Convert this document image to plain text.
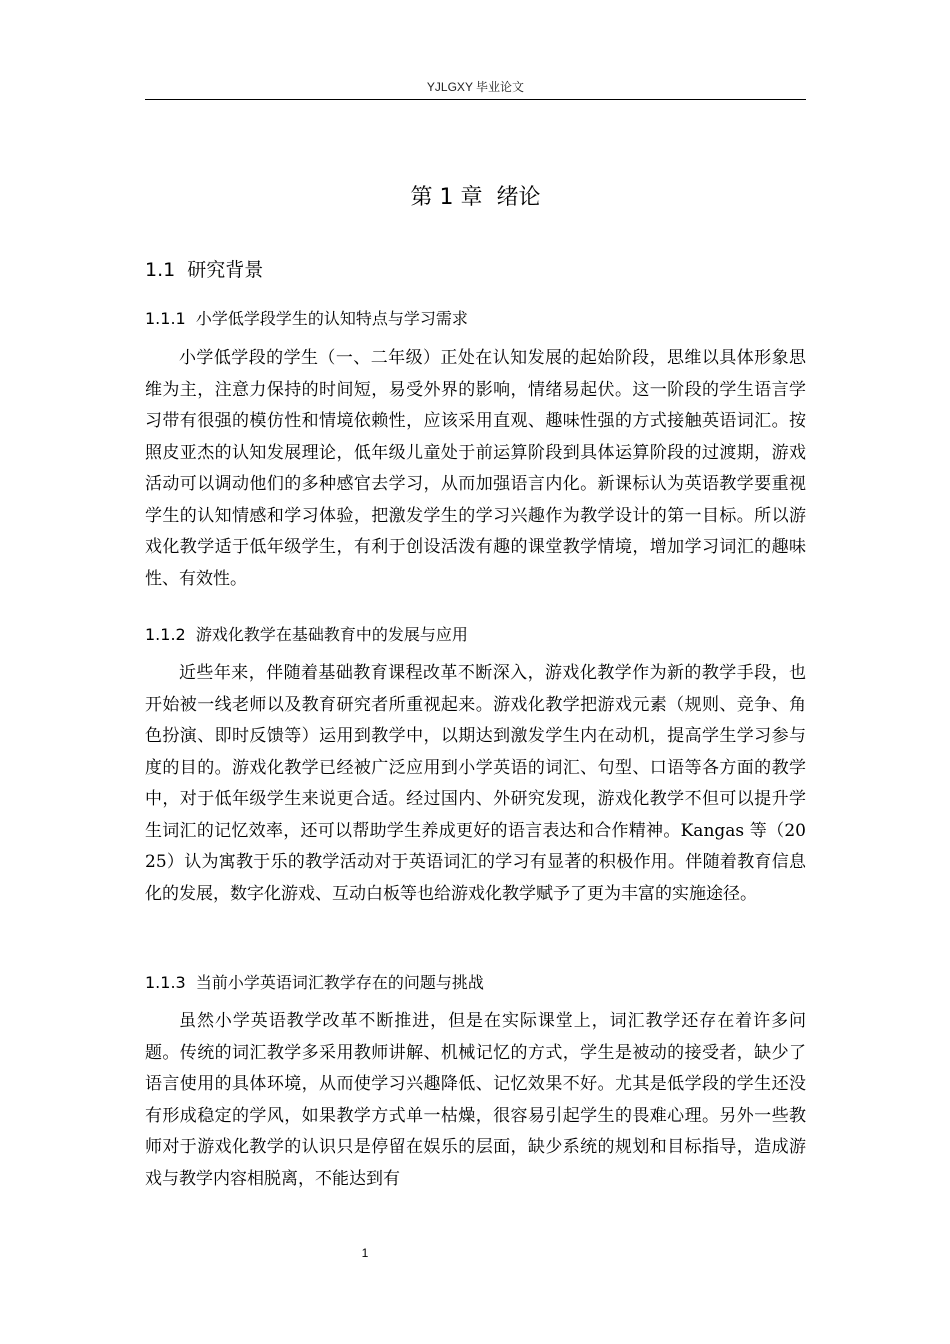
YJLGXY 毕业论文
第 1 章  绪论
1.1  研究背景
1.1.1  小学低学段学生的认知特点与学习需求
小学低学段的学生（一、二年级）正处在认知发展的起始阶段，思维以具体形象思维为主，注意力保持的时间短，易受外界的影响，情绪易起伏。这一阶段的学生语言学习带有很强的模仿性和情境依赖性，应该采用直观、趣味性强的方式接触英语词汇。按照皮亚杰的认知发展理论，低年级儿童处于前运算阶段到具体运算阶段的过渡期，游戏活动可以调动他们的多种感官去学习，从而加强语言内化。新课标认为英语教学要重视学生的认知情感和学习体验，把激发学生的学习兴趣作为教学设计的第一目标。所以游戏化教学适于低年级学生，有利于创设活泼有趣的课堂教学情境，增加学习词汇的趣味性、有效性。
1.1.2  游戏化教学在基础教育中的发展与应用
近些年来，伴随着基础教育课程改革不断深入，游戏化教学作为新的教学手段，也开始被一线老师以及教育研究者所重视起来。游戏化教学把游戏元素（规则、竞争、角色扮演、即时反馈等）运用到教学中，以期达到激发学生内在动机，提高学生学习参与度的目的。游戏化教学已经被广泛应用到小学英语的词汇、句型、口语等各方面的教学中，对于低年级学生来说更合适。经过国内、外研究发现，游戏化教学不但可以提升学生词汇的记忆效率，还可以帮助学生养成更好的语言表达和合作精神。Kangas 等（2025）认为寓教于乐的教学活动对于英语词汇的学习有显著的积极作用。伴随着教育信息化的发展，数字化游戏、互动白板等也给游戏化教学赋予了更为丰富的实施途径。
1.1.3  当前小学英语词汇教学存在的问题与挑战
虽然小学英语教学改革不断推进，但是在实际课堂上，词汇教学还存在着许多问题。传统的词汇教学多采用教师讲解、机械记忆的方式，学生是被动的接受者，缺少了语言使用的具体环境，从而使学习兴趣降低、记忆效果不好。尤其是低学段的学生还没有形成稳定的学风，如果教学方式单一枯燥，很容易引起学生的畏难心理。另外一些教师对于游戏化教学的认识只是停留在娱乐的层面，缺少系统的规划和目标指导，造成游戏与教学内容相脱离，不能达到有
1
